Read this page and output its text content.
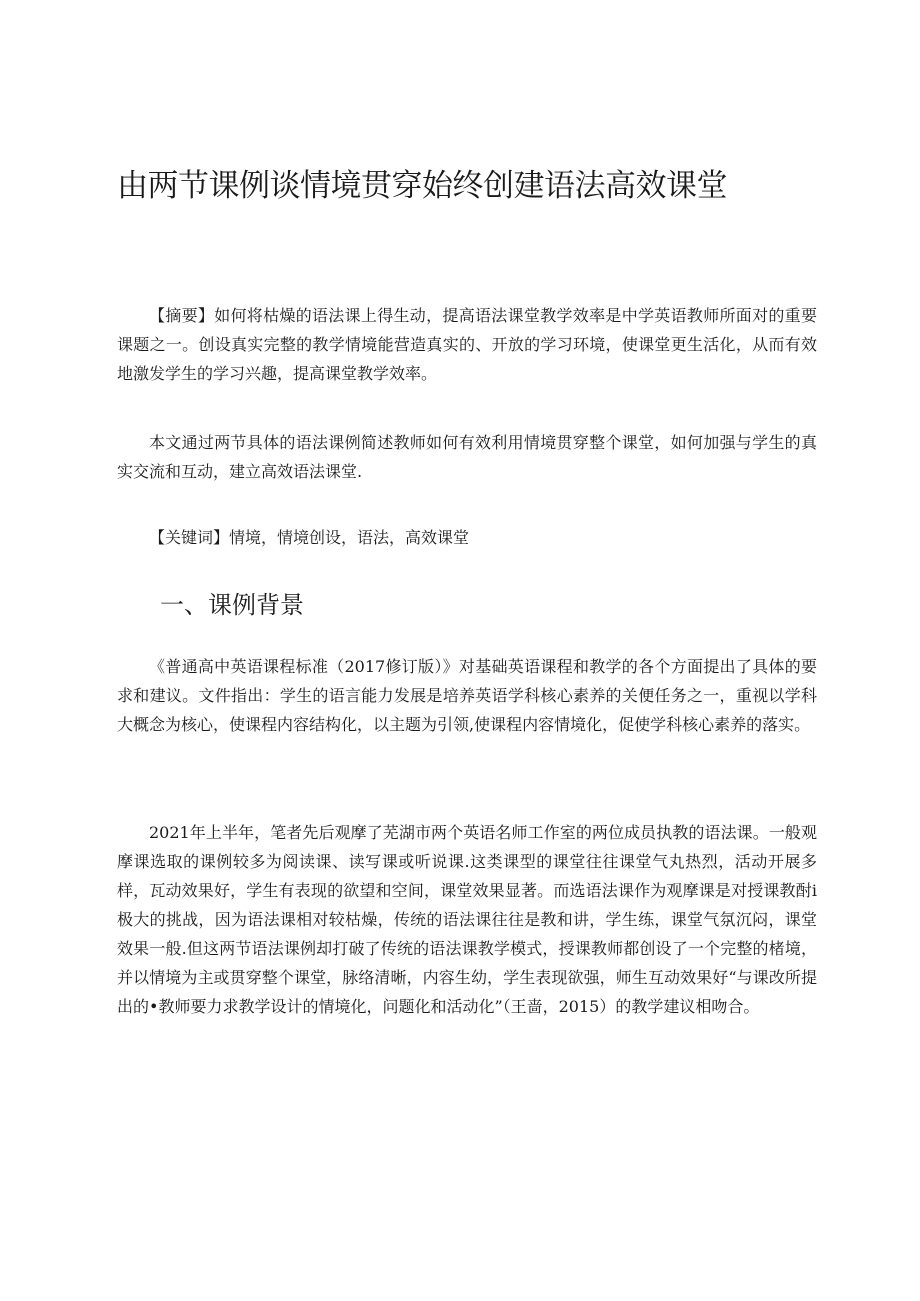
由两节课例谈情境贯穿始终创建语法高效课堂

【摘要】如何将枯燥的语法课上得生动，提高语法课堂教学效率是中学英语教师所面对的重要课题之一。创设真实完整的教学情境能营造真实的、开放的学习环境，使课堂更生活化，从而有效地激发学生的学习兴趣，提高课堂教学效率。

本文通过两节具体的语法课例简述教师如何有效利用情境贯穿整个课堂，如何加强与学生的真实交流和互动，建立高效语法课堂.

【关键词】情境，情境创设，语法，高效课堂

一、课例背景

《普通高中英语课程标准（2017修订版）》对基础英语课程和教学的各个方面提出了具体的要求和建议。文件指出：学生的语言能力发展是培养英语学科核心素养的关便任务之一，重视以学科大概念为核心，使课程内容结构化，以主题为引领,使课程内容情境化，促使学科核心素养的落实。

2021年上半年，笔者先后观摩了芜湖市两个英语名师工作室的两位成员执教的语法课。一般观摩课选取的课例较多为阅读课、读写课或听说课.这类课型的课堂往往课堂气丸热烈，活动开展多样，瓦动效果好，学生有表现的欲望和空间，课堂效果显著。而选语法课作为观摩课是对授课教酎i极大的挑战，因为语法课相对较枯燥，传统的语法课往往是教和讲，学生练，课堂气氛沉闷，课堂效果一般.但这两节语法课例却打破了传统的语法课教学模式，授课教师都创设了一个完整的楮境，并以情境为主或贯穿整个课堂，脉络清晰，内容生幼，学生表现欲强，师生互动效果好“与课改所提出的•教师要力求教学设计的情境化，问题化和活动化”（王啬，2015）的教学建议相吻合。
